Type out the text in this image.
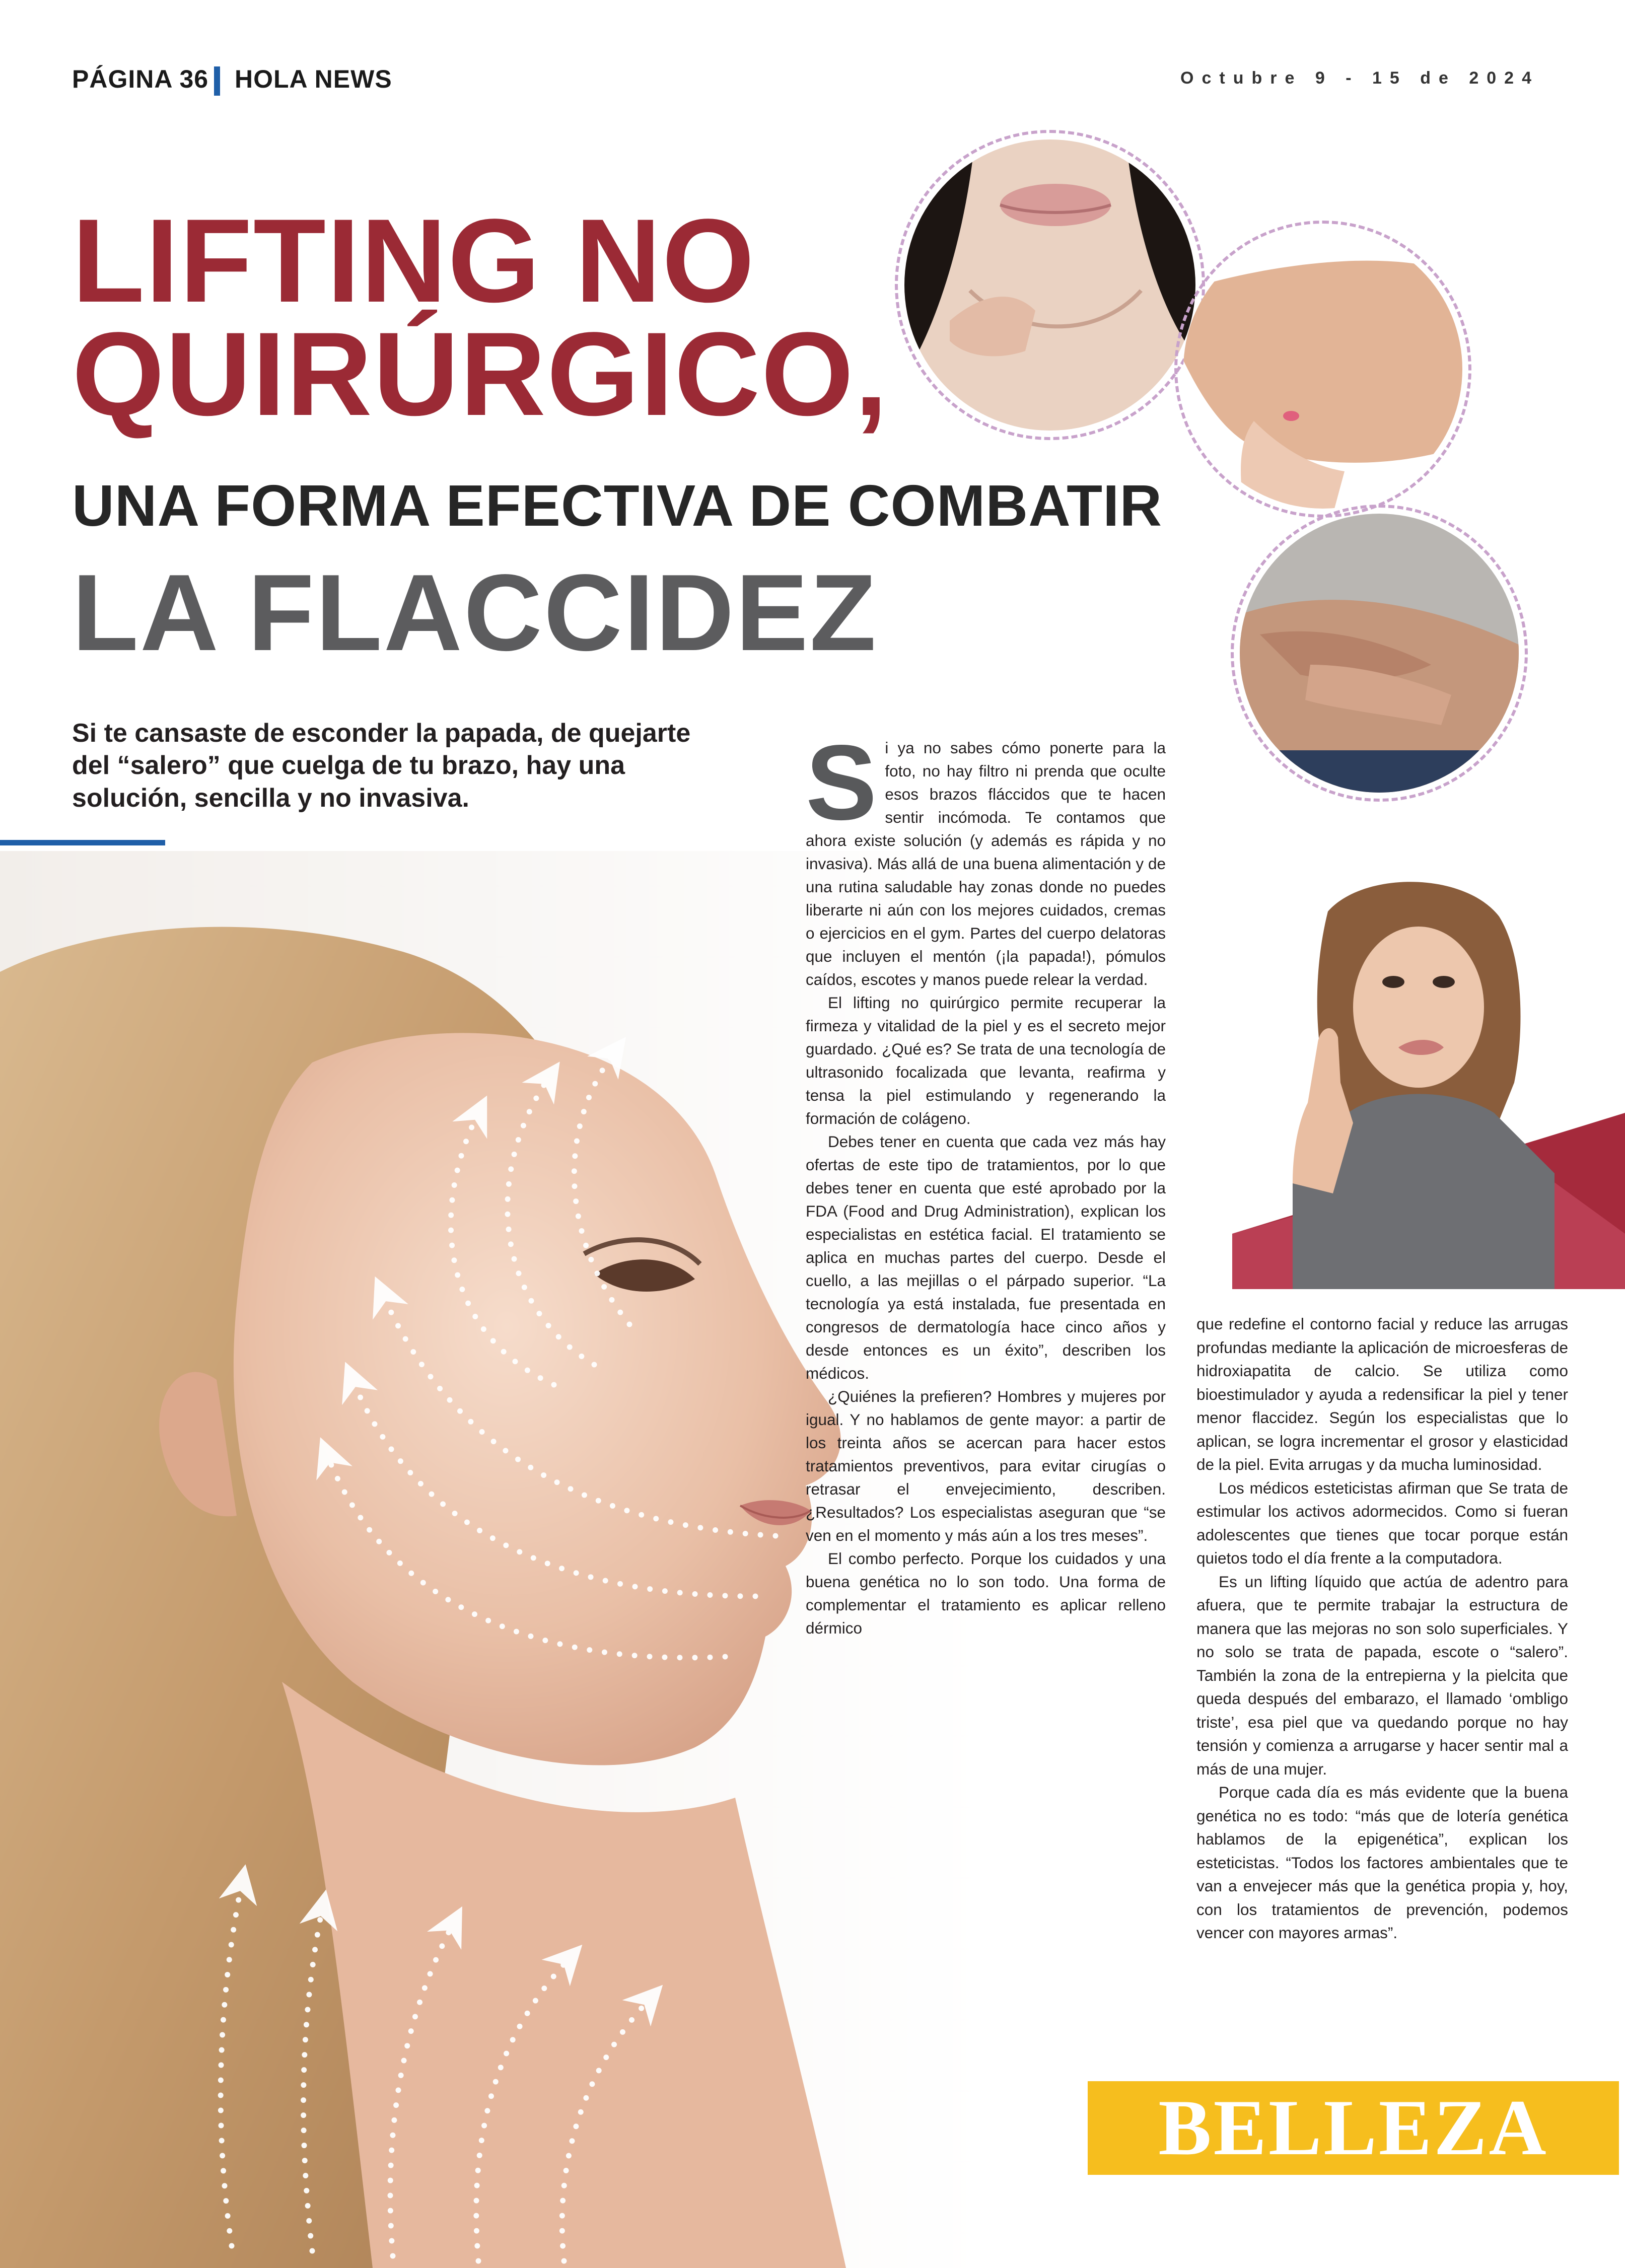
PÁGINA 36 HOLA NEWS	Octubre 9 - 15 de 2024
LIFTING NO
QUIRÚRGICO,
UNA FORMA EFECTIVA DE COMBATIR
LA FLACCIDEZ
Si te cansaste de esconder la papada, de quejarte del “salero” que cuelga de tu brazo, hay una solución, sencilla y no invasiva.	S i ya no sabes cómo ponerte para la foto, no hay filtro ni prenda que oculte esos brazos fláccidos que te hacen sentir incómoda. Te contamos que ahora existe solución (y además es rápida y no invasiva). Más allá de una buena alimentación y de una rutina saludable hay zonas donde no puedes liberarte ni aún con los mejores cuidados, cremas o ejercicios en el gym. Partes del cuerpo delatoras que incluyen el mentón (¡la papada!), pómulos caídos, escotes y manos puede relear la verdad.

El lifting no quirúrgico permite recuperar la firmeza y vitalidad de la piel y es el secreto mejor guardado. ¿Qué es? Se trata de una tecnología de ultrasonido focalizada que levanta, reafirma y tensa la piel estimulando y regenerando la formación de colágeno.

Debes tener en cuenta que cada vez más hay ofertas de este tipo de tratamientos, por lo que debes tener en cuenta que esté aprobado por la FDA (Food and Drug Administration), explican los especialistas en estética facial. El tratamiento se aplica en muchas partes del cuerpo. Desde el cuello, a las mejillas o el párpado superior. “La tecnología ya está instalada, fue presentada en congresos de dermatología hace cinco años y desde entonces es un éxito”, describen los médicos.

¿Quiénes la prefieren? Hombres y mujeres por igual. Y no hablamos de gente mayor: a partir de los treinta años se acercan para hacer estos tratamientos preventivos, para evitar cirugías o retrasar el envejecimiento, describen. ¿Resultados? Los especialistas aseguran que “se ven en el momento y más aún a los tres meses”.

El combo perfecto. Porque los cuidados y una buena genética no lo son todo. Una forma de complementar el tratamiento es aplicar relleno dérmico

que redefine el contorno facial y reduce las arrugas profundas mediante la aplicación de microesferas de hidroxiapatita de calcio. Se utiliza como bioestimulador y ayuda a redensificar la piel y tener menor flaccidez. Según los especialistas que lo aplican, se logra incrementar el grosor y elasticidad de la piel. Evita arrugas y da mucha luminosidad.

Los médicos esteticistas afirman que Se trata de estimular los activos adormecidos. Como si fueran adolescentes que tienes que tocar porque están quietos todo el día frente a la computadora.

Es un lifting líquido que actúa de adentro para afuera, que te permite trabajar la estructura de manera que las mejoras no son solo superficiales. Y no solo se trata de papada, escote o “salero”. También la zona de la entrepierna y la pielcita que queda después del embarazo, el llamado ‘ombligo triste’, esa piel que va quedando porque no hay tensión y comienza a arrugarse y hacer sentir mal a más de una mujer.

Porque cada día es más evidente que la buena genética no es todo: “más que de lotería genética hablamos de la epigenética”, explican los esteticistas. “Todos los factores ambientales que te van a envejecer más que la genética propia y, hoy, con los tratamientos de prevención, podemos vencer con mayores armas”.

BELLEZA
